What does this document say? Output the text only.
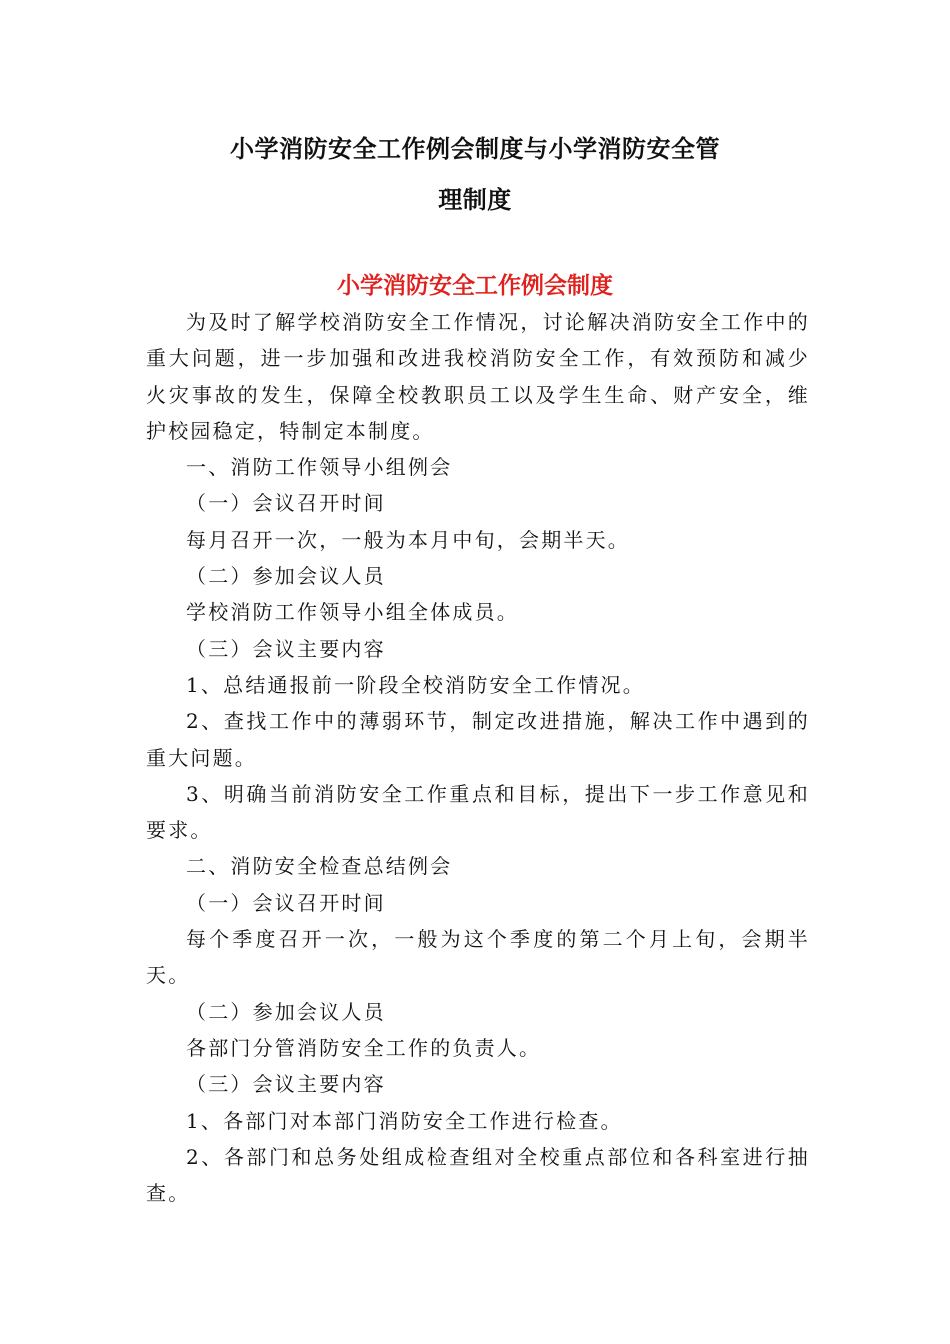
小学消防安全工作例会制度与小学消防安全管
理制度
小学消防安全工作例会制度

为及时了解学校消防安全工作情况，讨论解决消防安全工作中的重大问题，进一步加强和改进我校消防安全工作，有效预防和减少火灾事故的发生，保障全校教职员工以及学生生命、财产安全，维护校园稳定，特制定本制度。

一、消防工作领导小组例会

（一）会议召开时间

每月召开一次，一般为本月中旬，会期半天。

（二）参加会议人员

学校消防工作领导小组全体成员。

（三）会议主要内容

1、总结通报前一阶段全校消防安全工作情况。

2、查找工作中的薄弱环节，制定改进措施，解决工作中遇到的重大问题。

3、明确当前消防安全工作重点和目标，提出下一步工作意见和要求。

二、消防安全检查总结例会

（一）会议召开时间

每个季度召开一次，一般为这个季度的第二个月上旬，会期半天。

（二）参加会议人员

各部门分管消防安全工作的负责人。

（三）会议主要内容

1、各部门对本部门消防安全工作进行检查。

2、各部门和总务处组成检查组对全校重点部位和各科室进行抽查。
